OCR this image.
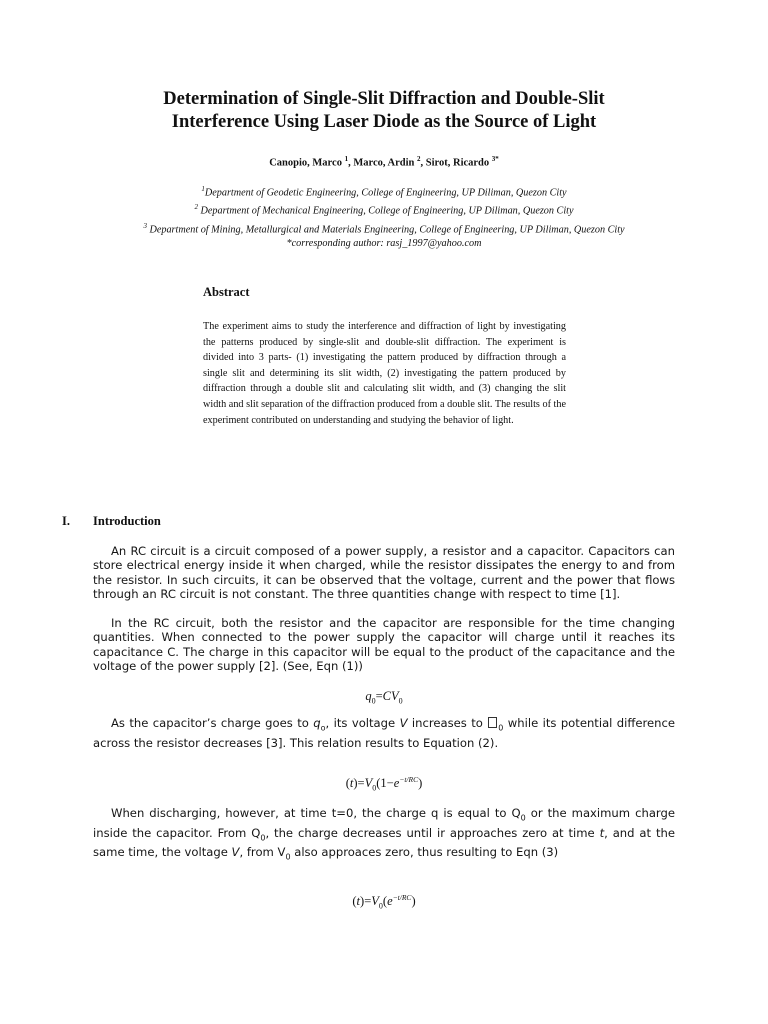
Determination of Single-Slit Diffraction and Double-Slit
Interference Using Laser Diode as the Source of Light
Canopio, Marco $^1$, Marco, Ardin $^2$, Sirot, Ricardo $^{3*}$
$^1$Department of Geodetic Engineering, College of Engineering, UP Diliman, Quezon City
$^2$ Department of Mechanical Engineering, College of Engineering, UP Diliman, Quezon City
$^3$ Department of Mining, Metallurgical and Materials Engineering, College of Engineering, UP Diliman, Quezon City
*corresponding author: rasj_1997@yahoo.com
Abstract
The experiment aims to study the interference and diffraction of light by investigating the patterns produced by single-slit and double-slit diffraction. The experiment is divided into 3 parts- (1) investigating the pattern produced by diffraction through a single slit and determining its slit width, (2) investigating the pattern produced by diffraction through a double slit and calculating slit width, and (3) changing the slit width and slit separation of the diffraction produced from a double slit. The results of the experiment contributed on understanding and studying the behavior of light.
I. Introduction
An RC circuit is a circuit composed of a power supply, a resistor and a capacitor. Capacitors can store electrical energy inside it when charged, while the resistor dissipates the energy to and from the resistor. In such circuits, it can be observed that the voltage, current and the power that flows through an RC circuit is not constant. The three quantities change with respect to time [1].
In the RC circuit, both the resistor and the capacitor are responsible for the time changing quantities. When connected to the power supply the capacitor will charge until it reaches its capacitance C. The charge in this capacitor will be equal to the product of the capacitance and the voltage of the power supply [2]. (See, Eqn (1))
$q_0=CV_0$
As the capacitor’s charge goes to $q_o$, its voltage V increases to $_0$ while its potential difference across the resistor decreases [3]. This relation results to Equation (2).
$(t)=V_0(1-e^{-t/RC})$
When discharging, however, at time t=0, the charge q is equal to $Q_0$ or the maximum charge inside the capacitor. From $Q_0$, the charge decreases until ir approaches zero at time t, and at the same time, the voltage V, from $V_0$ also approaces zero, thus resulting to Eqn (3)
$(t)=V_0(e^{-t/RC})$
